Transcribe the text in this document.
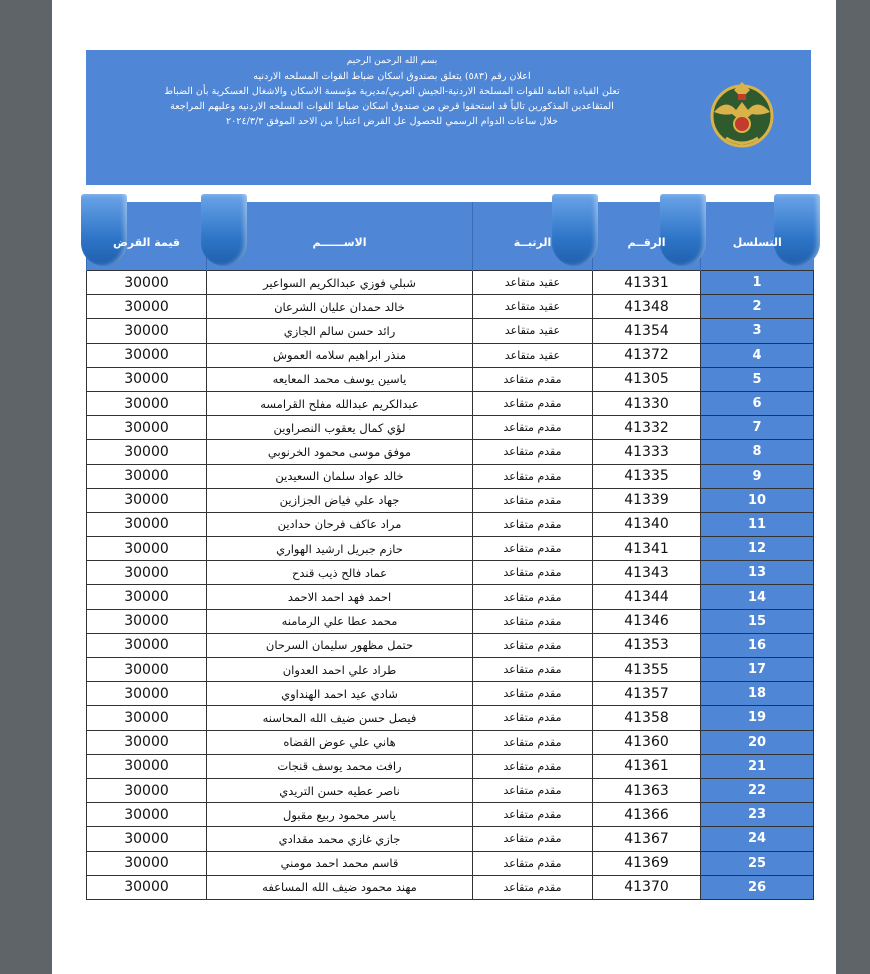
بسم الله الرحمن الرحيم
اعلان رقم (٥٨٣) يتعلق بصندوق اسكان ضباط القوات المسلحه الاردنيه
تعلن القيادة العامة للقوات المسلحة الاردنية-الجيش العربي/مديرية مؤسسة الاسكان والاشغال العسكرية بأن الضباط
المتقاعدين المذكورين تالياً قد استحقوا قرض من صندوق اسكان ضباط القوات المسلحه الاردنيه وعليهم المراجعة
خلال ساعات الدوام الرسمي للحصول عل القرض اعتبارا من الاحد الموفق ٢٠٢٤/٣/٣
التسلسل	الرقــم	الرتبــة	الاســــــم	قيمة القرض
1	41331	عقيد متقاعد	شبلي فوزي عبدالكريم السواعير	30000
2	41348	عقيد متقاعد	خالد حمدان عليان الشرعان	30000
3	41354	عقيد متقاعد	رائد حسن سالم الجازي	30000
4	41372	عقيد متقاعد	منذر ابراهيم سلامه العموش	30000
5	41305	مقدم متقاعد	ياسين يوسف محمد المعايعه	30000
6	41330	مقدم متقاعد	عبدالكريم عبدالله مفلح القرامسه	30000
7	41332	مقدم متقاعد	لؤي كمال يعقوب النصراوين	30000
8	41333	مقدم متقاعد	موفق موسى محمود الخرنوبي	30000
9	41335	مقدم متقاعد	خالد عواد سلمان السعيدين	30000
10	41339	مقدم متقاعد	جهاد علي فياض الجزازين	30000
11	41340	مقدم متقاعد	مراد عاكف فرحان حدادين	30000
12	41341	مقدم متقاعد	حازم جبريل ارشيد الهواري	30000
13	41343	مقدم متقاعد	عماد فالح ذيب قندح	30000
14	41344	مقدم متقاعد	احمد فهد احمد الاحمد	30000
15	41346	مقدم متقاعد	محمد عطا علي الرمامنه	30000
16	41353	مقدم متقاعد	حتمل مظهور سليمان السرحان	30000
17	41355	مقدم متقاعد	طراد علي احمد العدوان	30000
18	41357	مقدم متقاعد	شادي عيد احمد الهنداوي	30000
19	41358	مقدم متقاعد	فيصل حسن ضيف الله المحاسنه	30000
20	41360	مقدم متقاعد	هاني علي عوض القضاه	30000
21	41361	مقدم متقاعد	رافت محمد يوسف قنجات	30000
22	41363	مقدم متقاعد	ناصر عطيه حسن التريدي	30000
23	41366	مقدم متقاعد	ياسر محمود ربيع مقبول	30000
24	41367	مقدم متقاعد	جازي غازي محمد مقدادي	30000
25	41369	مقدم متقاعد	قاسم محمد احمد مومني	30000
26	41370	مقدم متقاعد	مهند محمود ضيف الله المساعفه	30000
